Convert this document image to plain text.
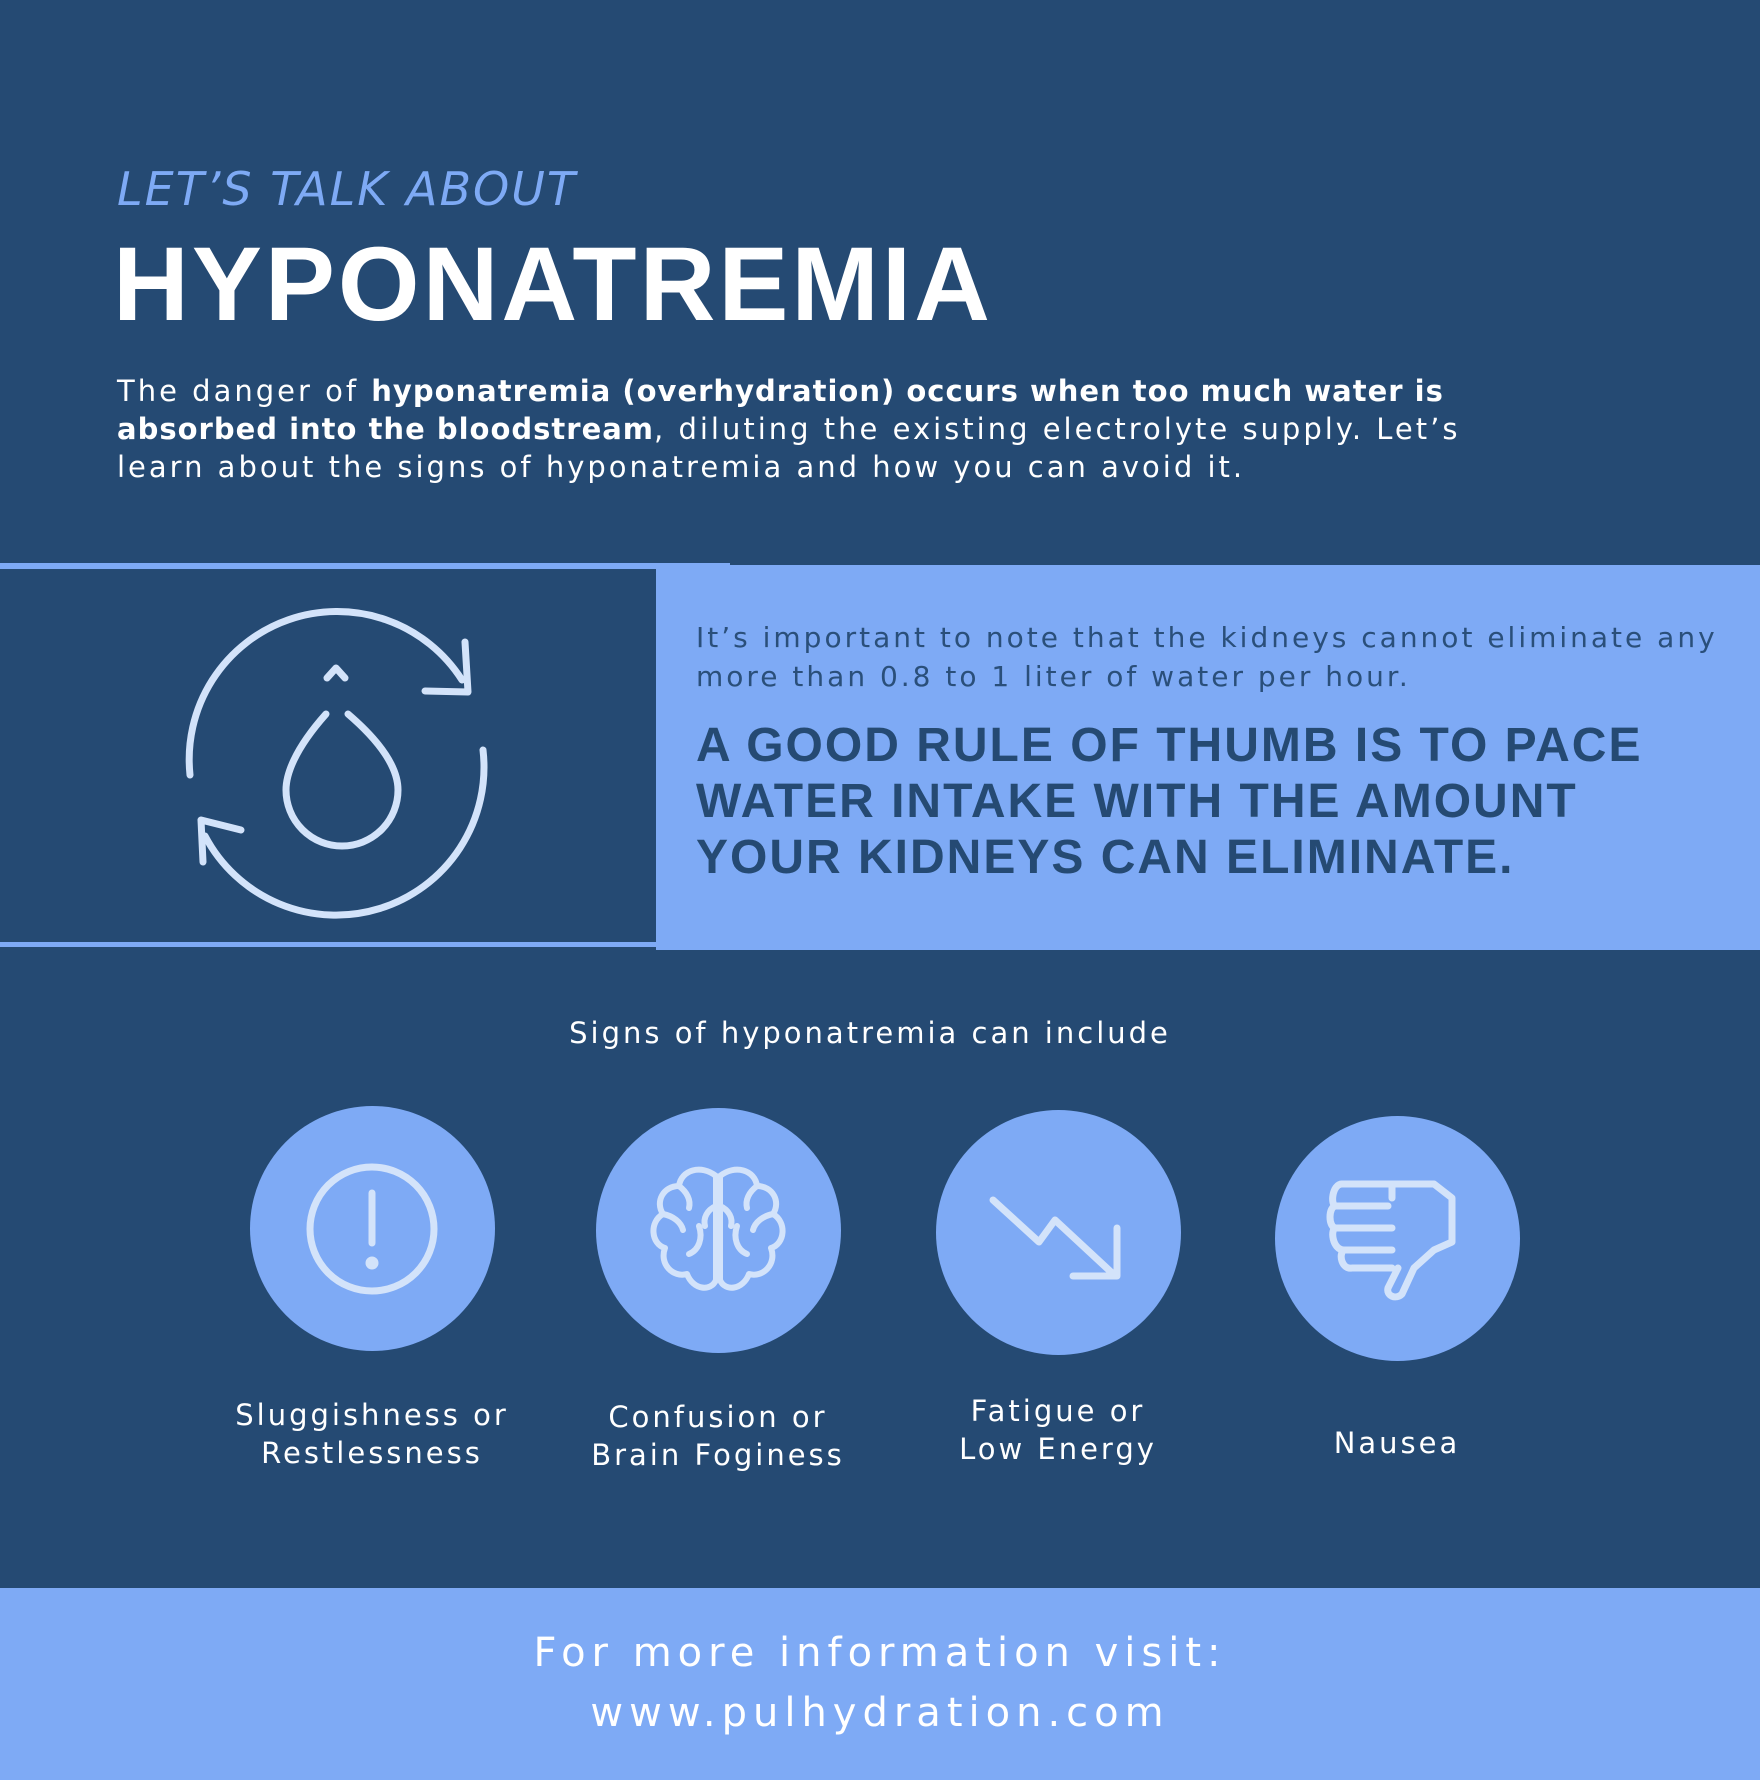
LET’S TALK ABOUT

HYPONATREMIA

The danger of hyponatremia (overhydration) occurs when too much water is absorbed into the bloodstream, diluting the existing electrolyte supply. Let’s learn about the signs of hyponatremia and how you can avoid it.

It’s important to note that the kidneys cannot eliminate any more than 0.8 to 1 liter of water per hour.

A GOOD RULE OF THUMB IS TO PACE WATER INTAKE WITH THE AMOUNT YOUR KIDNEYS CAN ELIMINATE.

Signs of hyponatremia can include

Sluggishness or
Restlessness
Confusion or
Brain Foginess
Fatigue or
Low Energy	Nausea

For more information visit:

www.pulhydration.com
